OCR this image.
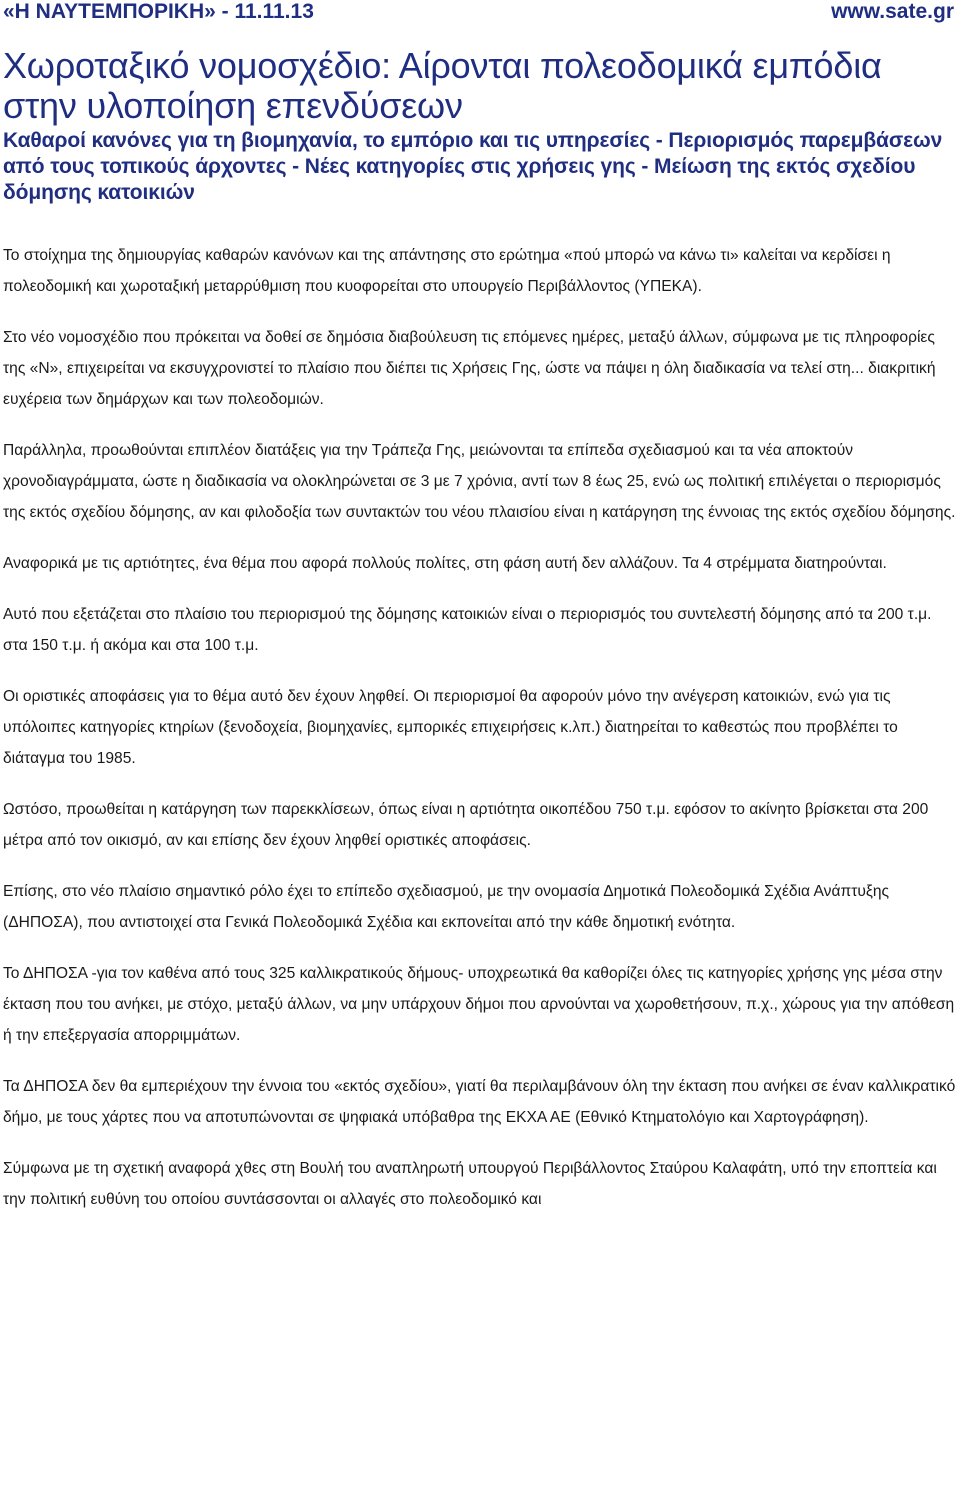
«Η ΝΑΥΤΕΜΠΟΡΙΚΗ» - 11.11.13	www.sate.gr
Χωροταξικό νομοσχέδιο: Αίρονται πολεοδομικά εμπόδια στην υλοποίηση επενδύσεων
Καθαροί κανόνες για τη βιομηχανία, το εμπόριο και τις υπηρεσίες - Περιορισμός παρεμβάσεων από τους τοπικούς άρχοντες - Νέες κατηγορίες στις χρήσεις γης - Μείωση της εκτός σχεδίου δόμησης κατοικιών

Το στοίχημα της δημιουργίας καθαρών κανόνων και της απάντησης στο ερώτημα «πού μπορώ να κάνω τι» καλείται να κερδίσει η πολεοδομική και χωροταξική μεταρρύθμιση που κυοφορείται στο υπουργείο Περιβάλλοντος (ΥΠΕΚΑ).

Στο νέο νομοσχέδιο που πρόκειται να δοθεί σε δημόσια διαβούλευση τις επόμενες ημέρες, μεταξύ άλλων, σύμφωνα με τις πληροφορίες της «Ν», επιχειρείται να εκσυγχρονιστεί το πλαίσιο που διέπει τις Χρήσεις Γης, ώστε να πάψει η όλη διαδικασία να τελεί στη... διακριτική ευχέρεια των δημάρχων και των πολεοδομιών.

Παράλληλα, προωθούνται επιπλέον διατάξεις για την Τράπεζα Γης, μειώνονται τα επίπεδα σχεδιασμού και τα νέα αποκτούν χρονοδιαγράμματα, ώστε η διαδικασία να ολοκληρώνεται σε 3 με 7 χρόνια, αντί των 8 έως 25, ενώ ως πολιτική επιλέγεται ο περιορισμός της εκτός σχεδίου δόμησης, αν και φιλοδοξία των συντακτών του νέου πλαισίου είναι η κατάργηση της έννοιας της εκτός σχεδίου δόμησης.

Αναφορικά με τις αρτιότητες, ένα θέμα που αφορά πολλούς πολίτες, στη φάση αυτή δεν αλλάζουν. Τα 4 στρέμματα διατηρούνται.

Αυτό που εξετάζεται στο πλαίσιο του περιορισμού της δόμησης κατοικιών είναι ο περιορισμός του συντελεστή δόμησης από τα 200 τ.μ. στα 150 τ.μ. ή ακόμα και στα 100 τ.μ.

Οι οριστικές αποφάσεις για το θέμα αυτό δεν έχουν ληφθεί. Οι περιορισμοί θα αφορούν μόνο την ανέγερση κατοικιών, ενώ για τις υπόλοιπες κατηγορίες κτηρίων (ξενοδοχεία, βιομηχανίες, εμπορικές επιχειρήσεις κ.λπ.) διατηρείται το καθεστώς που προβλέπει το διάταγμα του 1985.

Ωστόσο, προωθείται η κατάργηση των παρεκκλίσεων, όπως είναι η αρτιότητα οικοπέδου 750 τ.μ. εφόσον το ακίνητο βρίσκεται στα 200 μέτρα από τον οικισμό, αν και επίσης δεν έχουν ληφθεί οριστικές αποφάσεις.

Επίσης, στο νέο πλαίσιο σημαντικό ρόλο έχει το επίπεδο σχεδιασμού, με την ονομασία Δημοτικά Πολεοδομικά Σχέδια Ανάπτυξης (ΔΗΠΟΣΑ), που αντιστοιχεί στα Γενικά Πολεοδομικά Σχέδια και εκπονείται από την κάθε δημοτική ενότητα.

Το ΔΗΠΟΣΑ -για τον καθένα από τους 325 καλλικρατικούς δήμους- υποχρεωτικά θα καθορίζει όλες τις κατηγορίες χρήσης γης μέσα στην έκταση που του ανήκει, με στόχο, μεταξύ άλλων, να μην υπάρχουν δήμοι που αρνούνται να χωροθετήσουν, π.χ., χώρους για την απόθεση ή την επεξεργασία απορριμμάτων.

Τα ΔΗΠΟΣΑ δεν θα εμπεριέχουν την έννοια του «εκτός σχεδίου», γιατί θα περιλαμβάνουν όλη την έκταση που ανήκει σε έναν καλλικρατικό δήμο, με τους χάρτες που να αποτυπώνονται σε ψηφιακά υπόβαθρα της ΕΚΧΑ ΑΕ (Εθνικό Κτηματολόγιο και Χαρτογράφηση).

Σύμφωνα με τη σχετική αναφορά χθες στη Βουλή του αναπληρωτή υπουργού Περιβάλλοντος Σταύρου Καλαφάτη, υπό την εποπτεία και την πολιτική ευθύνη του οποίου συντάσσονται οι αλλαγές στο πολεοδομικό και
